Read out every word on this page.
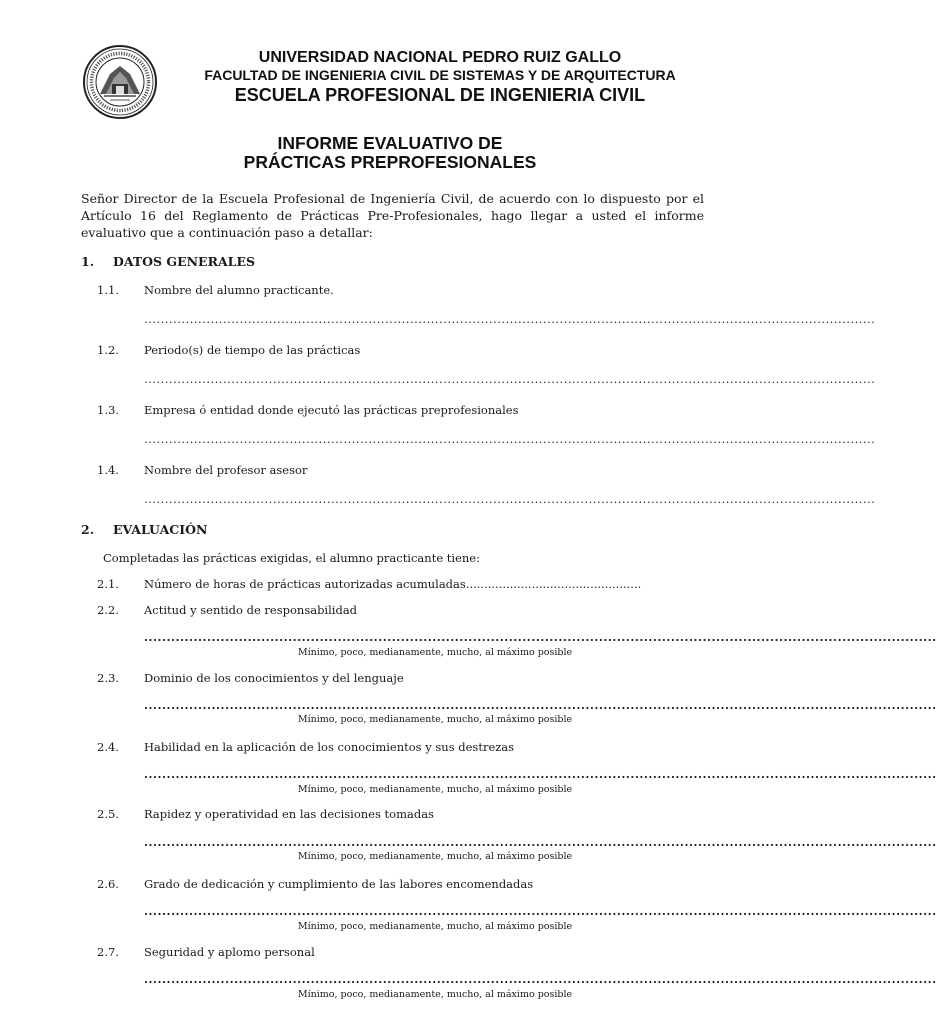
UNIVERSIDAD NACIONAL PEDRO RUIZ GALLO
FACULTAD DE INGENIERIA CIVIL DE SISTEMAS Y DE ARQUITECTURA
ESCUELA PROFESIONAL DE INGENIERIA CIVIL
INFORME EVALUATIVO DE
PRÁCTICAS PREPROFESIONALES
Señor Director de la Escuela Profesional de Ingeniería Civil, de acuerdo con lo dispuesto por el Artículo 16 del Reglamento de Prácticas Pre-Profesionales, hago llegar a usted el informe evaluativo que a continuación paso a detallar:
1. DATOS GENERALES
1.1. Nombre del alumno practicante.
................................................................................................................................................................................
1.2. Periodo(s) de tiempo de las prácticas
................................................................................................................................................................................
1.3. Empresa ó entidad donde ejecutó las prácticas preprofesionales
................................................................................................................................................................................
1.4. Nombre del profesor asesor
................................................................................................................................................................................
2. EVALUACIÓN
Completadas las prácticas exigidas, el alumno practicante tiene:
2.1. Número de horas de prácticas autorizadas acumuladas................................................
2.2. Actitud y sentido de responsabilidad
................................................................................................................................................................................
Mínimo, poco, medianamente, mucho, al máximo posible
2.3. Dominio de los conocimientos y del lenguaje
................................................................................................................................................................................
Mínimo, poco, medianamente, mucho, al máximo posible
2.4. Habilidad en la aplicación de los conocimientos y sus destrezas
................................................................................................................................................................................
Mínimo, poco, medianamente, mucho, al máximo posible
2.5. Rapidez y operatividad en las decisiones tomadas
................................................................................................................................................................................
Mínimo, poco, medianamente, mucho, al máximo posible
2.6. Grado de dedicación y cumplimiento de las labores encomendadas
................................................................................................................................................................................
Mínimo, poco, medianamente, mucho, al máximo posible
2.7. Seguridad y aplomo personal
................................................................................................................................................................................
Mínimo, poco, medianamente, mucho, al máximo posible
